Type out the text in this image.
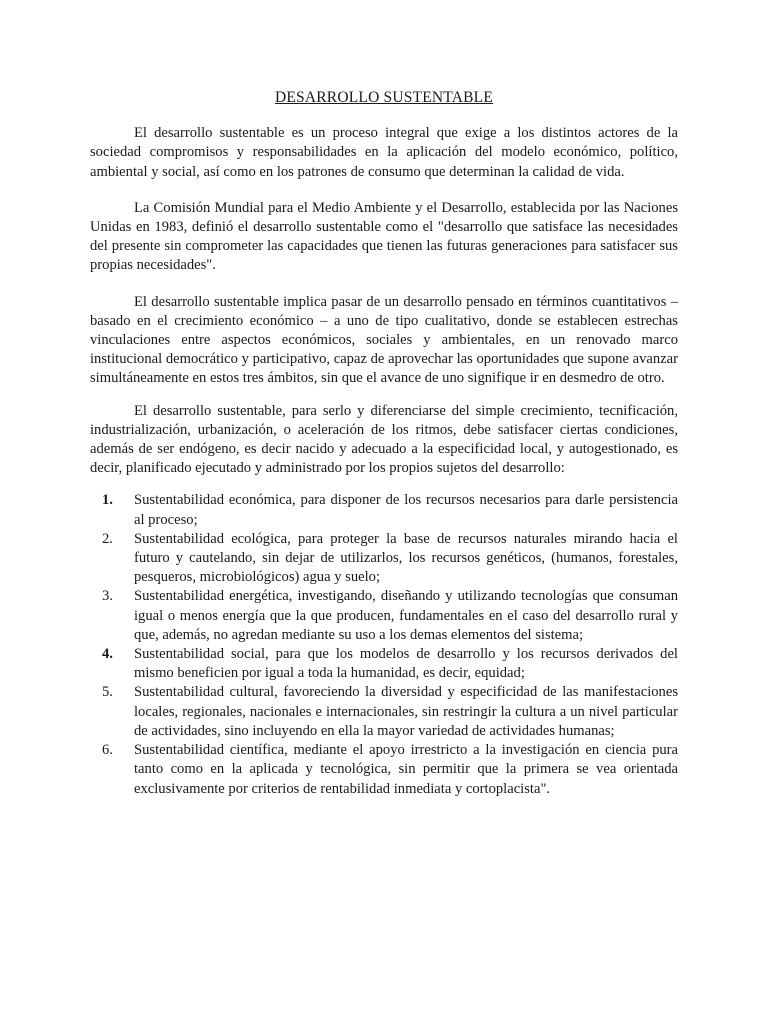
DESARROLLO SUSTENTABLE

El desarrollo sustentable es un proceso integral que exige a los distintos actores de la sociedad compromisos y responsabilidades en la aplicación del modelo económico, político, ambiental y social, así como en los patrones de consumo que determinan la calidad de vida.

La Comisión Mundial para el Medio Ambiente y el Desarrollo, establecida por las Naciones Unidas en 1983, definió el desarrollo sustentable como el "desarrollo que satisface las necesidades del presente sin comprometer las capacidades que tienen las futuras generaciones para satisfacer sus propias necesidades".

El desarrollo sustentable implica pasar de un desarrollo pensado en términos cuantitativos – basado en el crecimiento económico – a uno de tipo cualitativo, donde se establecen estrechas vinculaciones entre aspectos económicos, sociales y ambientales, en un renovado marco institucional democrático y participativo, capaz de aprovechar las oportunidades que supone avanzar simultáneamente en estos tres ámbitos, sin que el avance de uno signifique ir en desmedro de otro.

El desarrollo sustentable, para serlo y diferenciarse del simple crecimiento, tecnificación, industrialización, urbanización, o aceleración de los ritmos, debe satisfacer ciertas condiciones, además de ser endógeno, es decir nacido y adecuado a la especificidad local, y autogestionado, es decir, planificado ejecutado y administrado por los propios sujetos del desarrollo:

1. Sustentabilidad económica, para disponer de los recursos necesarios para darle persistencia al proceso;
2. Sustentabilidad ecológica, para proteger la base de recursos naturales mirando hacia el futuro y cautelando, sin dejar de utilizarlos, los recursos genéticos, (humanos, forestales, pesqueros, microbiológicos) agua y suelo;
3. Sustentabilidad energética, investigando, diseñando y utilizando tecnologías que consuman igual o menos energía que la que producen, fundamentales en el caso del desarrollo rural y que, además, no agredan mediante su uso a los demas elementos del sistema;
4. Sustentabilidad social, para que los modelos de desarrollo y los recursos derivados del mismo beneficien por igual a toda la humanidad, es decir, equidad;
5. Sustentabilidad cultural, favoreciendo la diversidad y especificidad de las manifestaciones locales, regionales, nacionales e internacionales, sin restringir la cultura a un nivel particular de actividades, sino incluyendo en ella la mayor variedad de actividades humanas;
6. Sustentabilidad científica, mediante el apoyo irrestricto a la investigación en ciencia pura tanto como en la aplicada y tecnológica, sin permitir que la primera se vea orientada exclusivamente por criterios de rentabilidad inmediata y cortoplacista".
